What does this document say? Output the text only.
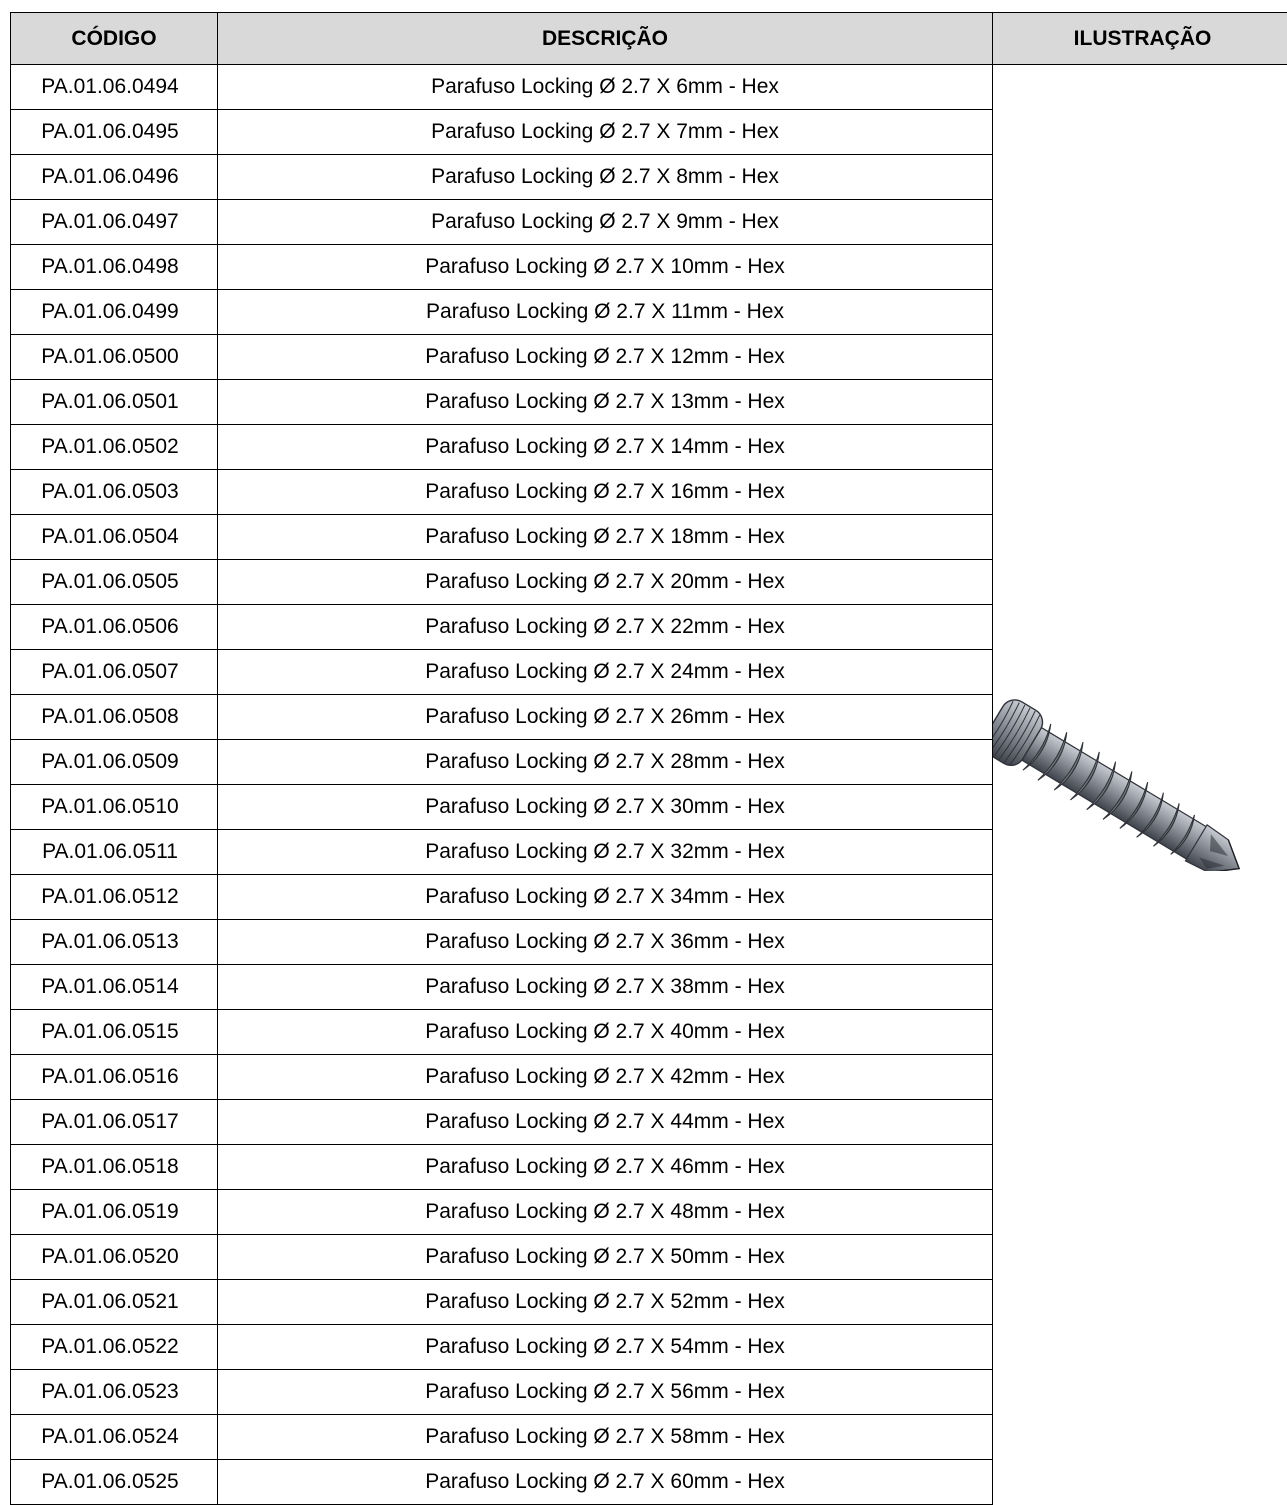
CÓDIGO	DESCRIÇÃO	ILUSTRAÇÃO
PA.01.06.0494	Parafuso Locking Ø 2.7 X 6mm - Hex	

PA.01.06.0495	Parafuso Locking Ø 2.7 X 7mm - Hex	
PA.01.06.0496	Parafuso Locking Ø 2.7 X 8mm - Hex	
PA.01.06.0497	Parafuso Locking Ø 2.7 X 9mm - Hex	
PA.01.06.0498	Parafuso Locking Ø 2.7 X 10mm - Hex	
PA.01.06.0499	Parafuso Locking Ø 2.7 X 11mm - Hex	
PA.01.06.0500	Parafuso Locking Ø 2.7 X 12mm - Hex	
PA.01.06.0501	Parafuso Locking Ø 2.7 X 13mm - Hex	
PA.01.06.0502	Parafuso Locking Ø 2.7 X 14mm - Hex	
PA.01.06.0503	Parafuso Locking Ø 2.7 X 16mm - Hex	
PA.01.06.0504	Parafuso Locking Ø 2.7 X 18mm - Hex	
PA.01.06.0505	Parafuso Locking Ø 2.7 X 20mm - Hex	
PA.01.06.0506	Parafuso Locking Ø 2.7 X 22mm - Hex	
PA.01.06.0507	Parafuso Locking Ø 2.7 X 24mm - Hex	
PA.01.06.0508	Parafuso Locking Ø 2.7 X 26mm - Hex	
PA.01.06.0509	Parafuso Locking Ø 2.7 X 28mm - Hex	
PA.01.06.0510	Parafuso Locking Ø 2.7 X 30mm - Hex	
PA.01.06.0511	Parafuso Locking Ø 2.7 X 32mm - Hex	
PA.01.06.0512	Parafuso Locking Ø 2.7 X 34mm - Hex	
PA.01.06.0513	Parafuso Locking Ø 2.7 X 36mm - Hex	
PA.01.06.0514	Parafuso Locking Ø 2.7 X 38mm - Hex	
PA.01.06.0515	Parafuso Locking Ø 2.7 X 40mm - Hex	
PA.01.06.0516	Parafuso Locking Ø 2.7 X 42mm - Hex	
PA.01.06.0517	Parafuso Locking Ø 2.7 X 44mm - Hex	
PA.01.06.0518	Parafuso Locking Ø 2.7 X 46mm - Hex	
PA.01.06.0519	Parafuso Locking Ø 2.7 X 48mm - Hex	
PA.01.06.0520	Parafuso Locking Ø 2.7 X 50mm - Hex	
PA.01.06.0521	Parafuso Locking Ø 2.7 X 52mm - Hex	
PA.01.06.0522	Parafuso Locking Ø 2.7 X 54mm - Hex	
PA.01.06.0523	Parafuso Locking Ø 2.7 X 56mm - Hex	
PA.01.06.0524	Parafuso Locking Ø 2.7 X 58mm - Hex	
PA.01.06.0525	Parafuso Locking Ø 2.7 X 60mm - Hex	
